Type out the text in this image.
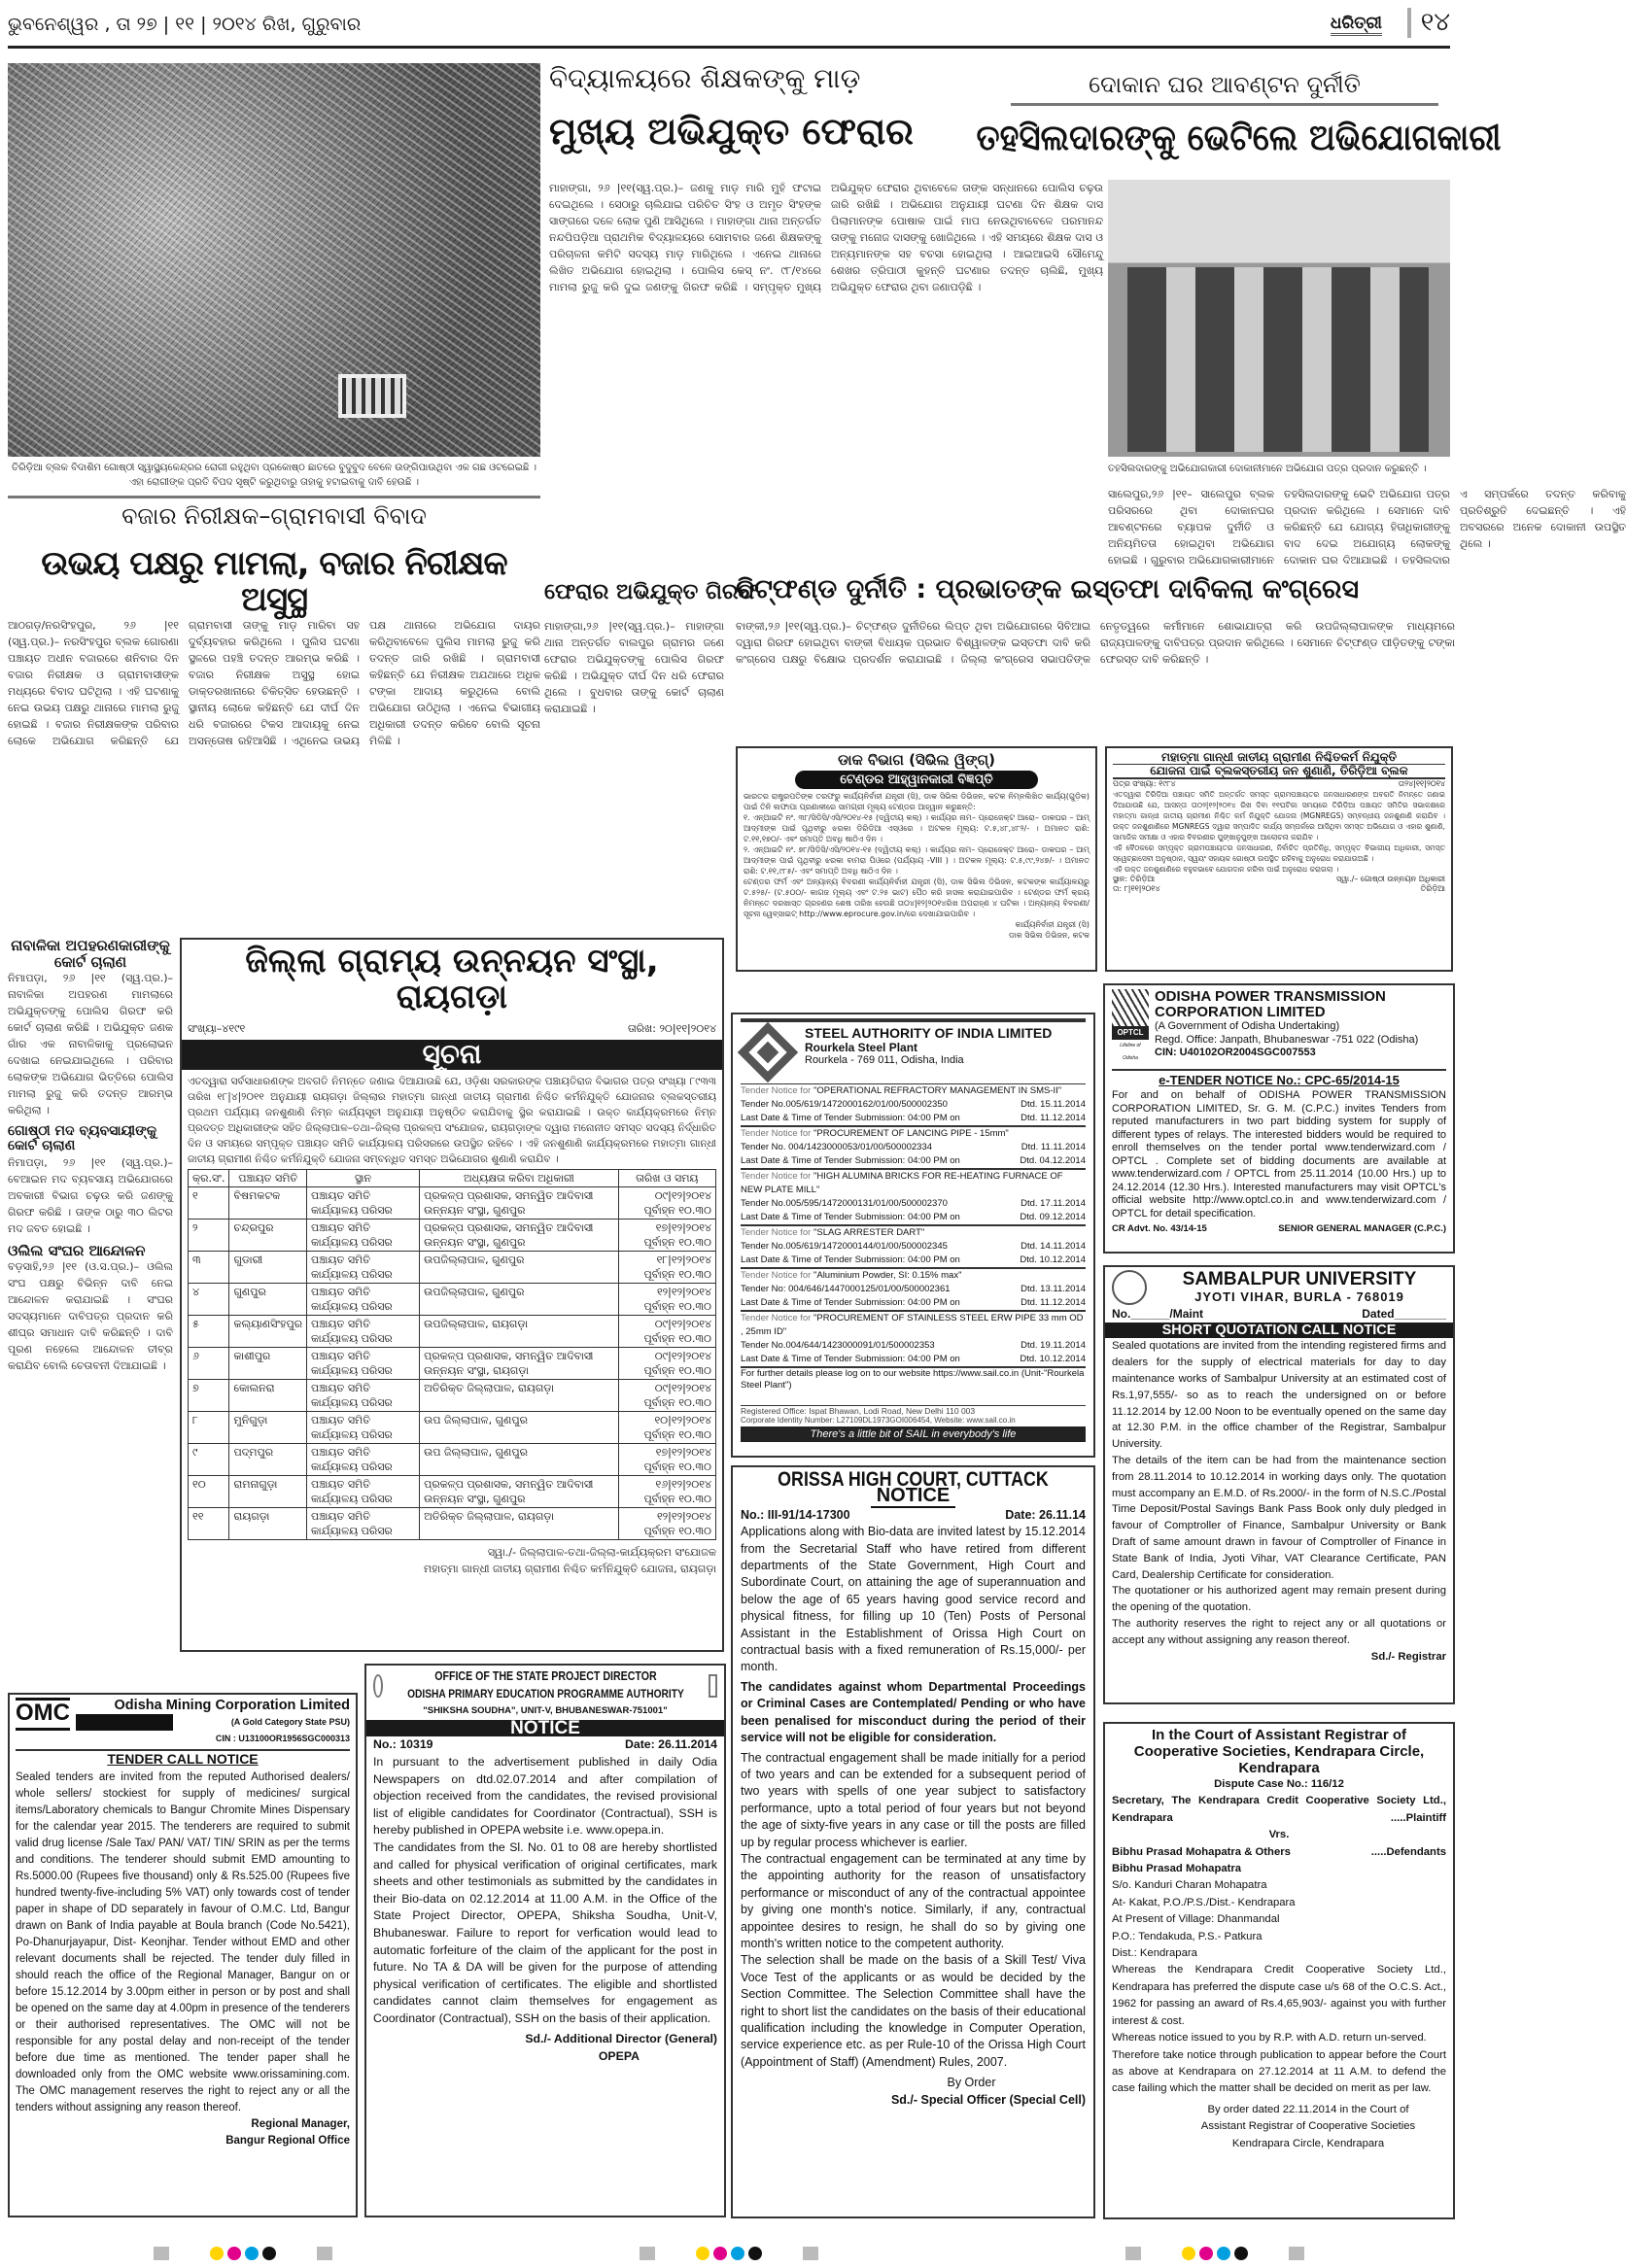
ଭୁବନେଶ୍ୱର , ତା ୨୭ | ୧୧ | ୨୦୧୪ ରିଖ, ଗୁରୁବାର	ଧରିତ୍ରୀ	୧୪
ତିରିଡ଼ିଆ ବ୍ଲକ ବିଦାଶିମ ଗୋଷ୍ଠୀ ସ୍ୱାସ୍ଥ୍ୟକେନ୍ଦ୍ରର ରୋଗୀ ରହୁଥିବା ପ୍ରକୋଷ୍ଠ ଛାତରେ ବୁଦୁବୁଦ ବେଳେ ଉଙ୍ଗିପାଉଥିବା ଏକ ଗଛ ଓଟରେଇଛି । ଏହା ରୋଗୀଙ୍କ ପ୍ରତି ବିପଦ ସୃଷ୍ଟି କରୁଥିବାରୁ ତାହାକୁ ହଟାଇବାକୁ ଦାବି ହେଉଛି ।
ବଜାର ନିରୀକ୍ଷକ–ଗ୍ରାମବାସୀ ବିବାଦ
ଉଭୟ ପକ୍ଷରୁ ମାମଲା, ବଜାର ନିରୀକ୍ଷକ ଅସୁସ୍ଥ
ଆଠଗଡ଼/ନରସିଂହପୁର, ୨୬ |୧୧ (ସ୍ୱ.ପ୍ର.)– ନରସିଂହପୁର ବ୍ଲକ ଗୋରଣା ପଞ୍ଚାୟତ ଅଧୀନ ବଜାରରେ ଶନିବାର ଦିନ ବଜାର ନିରୀକ୍ଷକ ଓ ଗ୍ରାମବାସୀଙ୍କ ମଧ୍ୟରେ ବିବାଦ ଘଟିଥିଲା । ଏହି ଘଟଣାକୁ ନେଇ ଉଭୟ ପକ୍ଷରୁ ଥାନାରେ ମାମଲା ରୁଜୁ ହୋଇଛି । ବଜାର ନିରୀକ୍ଷକଙ୍କ ପରିବାର ଲୋକେ ଅଭିଯୋଗ କରିଛନ୍ତି ଯେ ଗ୍ରାମବାସୀ ତାଙ୍କୁ ମାଡ଼ ମାରିବା ସହ ଦୁର୍ବ୍ୟବହାର କରିଥିଲେ । ପୁଲିସ ଘଟଣା ସ୍ଥଳରେ ପହଞ୍ଚି ତଦନ୍ତ ଆରମ୍ଭ କରିଛି । ବଜାର ନିରୀକ୍ଷକ ଅସୁସ୍ଥ ହୋଇ ଡାକ୍ତରଖାନାରେ ଚିକିତ୍ସିତ ହେଉଛନ୍ତି । ସ୍ଥାନୀୟ ଲୋକେ କହିଛନ୍ତି ଯେ ଦୀର୍ଘ ଦିନ ଧରି ବଜାରରେ ଟିକସ ଆଦାୟକୁ ନେଇ ଅସନ୍ତୋଷ ରହିଆସିଛି । ଏଥିନେଇ ଉଭୟ ପକ୍ଷ ଥାନାରେ ଅଭିଯୋଗ ଦାୟର କରିଥିବାବେଳେ ପୁଲିସ ମାମଲା ରୁଜୁ କରି ତଦନ୍ତ ଜାରି ରଖିଛି । ଗ୍ରାମବାସୀ କହିଛନ୍ତି ଯେ ନିରୀକ୍ଷକ ଅଯଥାରେ ଅଧିକ ଟଙ୍କା ଆଦାୟ କରୁଥିଲେ ବୋଲି ଅଭିଯୋଗ ଉଠିଥିଲା । ଏନେଇ ବିଭାଗୀୟ ଅଧିକାରୀ ତଦନ୍ତ କରିବେ ବୋଲି ସୂଚନା ମିଳିଛି ।
ବିଦ୍ୟାଳୟରେ ଶିକ୍ଷକଙ୍କୁ ମାଡ଼
ମୁଖ୍ୟ ଅଭିଯୁକ୍ତ ଫେରାର
ମାହାଙ୍ଗା, ୨୬ |୧୧(ସ୍ୱ.ପ୍ର.)– ଜଣକୁ ମାଡ଼ ମାରି ମୁହଁ ଫଟାଇ ଦେଇଥିଲେ । ସେଠାରୁ ଚାଲିଯାଇ ପରିଚିତ ସିଂହ ଓ ଅମୃତ ସିଂହଙ୍କ ସାଙ୍ଗରେ ଦଳେ ଲୋକ ପୁଣି ଆସିଥିଲେ । ମାହାଙ୍ଗା ଥାନା ଅନ୍ତର୍ଗତ ନନ୍ଦପିପଡ଼ିଆ ପ୍ରାଥମିକ ବିଦ୍ୟାଳୟରେ ସୋମବାର ଜଣେ ଶିକ୍ଷକଙ୍କୁ ପରିଚାଳନା କମିଟି ସଦସ୍ୟ ମାଡ଼ ମାରିଥିଲେ । ଏନେଇ ଥାନାରେ ଲିଖିତ ଅଭିଯୋଗ ହୋଇଥିଲା । ପୋଲିସ କେସ୍ ନଂ. ୯୮/୧୪ରେ ମାମଲା ରୁଜୁ କରି ଦୁଇ ଜଣଙ୍କୁ ଗିରଫ କରିଛି । ସମ୍ପୃକ୍ତ ମୁଖ୍ୟ ଅଭିଯୁକ୍ତ ଫେରାର ଥିବାବେଳେ ତାଙ୍କ ସନ୍ଧାନରେ ପୋଲିସ ଚଢ଼ଉ ଜାରି ରଖିଛି । ଅଭିଯୋଗ ଅନୁଯାୟୀ ଘଟଣା ଦିନ ଶିକ୍ଷକ ଦାସ ପିଲାମାନଙ୍କ ପୋଷାକ ପାଇଁ ମାପ ନେଉଥିବାବେଳେ ପରମାନନ୍ଦ ତାଙ୍କୁ ମନୋଜ ଦାସଙ୍କୁ ଖୋଜିଥିଲେ । ଏହି ସମୟରେ ଶିକ୍ଷକ ଦାସ ଓ ଅନ୍ୟମାନଙ୍କ ସହ ବଚସା ହୋଇଥିଲା । ଆଇଆଇସି ସୌମେନ୍ଦୁ ଶେଖର ତ୍ରିପାଠୀ କୁହନ୍ତି ଘଟଣାର ତଦନ୍ତ ଚାଲିଛି, ମୁଖ୍ୟ ଅଭିଯୁକ୍ତ ଫେରାର ଥିବା ଜଣାପଡ଼ିଛି ।
ଦୋକାନ ଘର ଆବଣ୍ଟନ ଦୁର୍ନୀତି
ତହସିଲଦାରଙ୍କୁ ଭେଟିଲେ ଅଭିଯୋଗକାରୀ
ତହସିଲଦାରଙ୍କୁ ଅଭିଯୋଗକାରୀ ଦୋକାନୀମାନେ ଅଭିଯୋଗ ପତ୍ର ପ୍ରଦାନ କରୁଛନ୍ତି ।
ସାଲେପୁର,୨୬ |୧୧– ସାଲେପୁର ବ୍ଲକ ପରିସରରେ ଥିବା ଦୋକାନଘର ଆବଣ୍ଟନରେ ବ୍ୟାପକ ଦୁର୍ନୀତି ଓ ଅନିୟମିତତା ହୋଇଥିବା ଅଭିଯୋଗ ହୋଇଛି । ଗୁରୁବାର ଅଭିଯୋଗକାରୀମାନେ ତହସିଲଦାରଙ୍କୁ ଭେଟି ଅଭିଯୋଗ ପତ୍ର ପ୍ରଦାନ କରିଥିଲେ । ସେମାନେ ଦାବି କରିଛନ୍ତି ଯେ ଯୋଗ୍ୟ ହିତାଧିକାରୀଙ୍କୁ ବାଦ ଦେଇ ଅଯୋଗ୍ୟ ଲୋକଙ୍କୁ ଦୋକାନ ଘର ଦିଆଯାଇଛି । ତହସିଲଦାର ଏ ସମ୍ପର୍କରେ ତଦନ୍ତ କରିବାକୁ ପ୍ରତିଶ୍ରୁତି ଦେଇଛନ୍ତି । ଏହି ଅବସରରେ ଅନେକ ଦୋକାନୀ ଉପସ୍ଥିତ ଥିଲେ ।
ଫେରାର ଅଭିଯୁକ୍ତ ଗିରଫ
ମାହାଙ୍ଗା,୨୬ |୧୧(ସ୍ୱ.ପ୍ର.)– ମାହାଙ୍ଗା ଥାନା ଅନ୍ତର୍ଗତ ବାଲପୁର ଗ୍ରାମର ଜଣେ ଫେରାର ଅଭିଯୁକ୍ତଙ୍କୁ ପୋଲିସ ଗିରଫ କରିଛି । ଅଭିଯୁକ୍ତ ଦୀର୍ଘ ଦିନ ଧରି ଫେରାର ଥିଲେ । ବୁଧବାର ତାଙ୍କୁ କୋର୍ଟ ଚାଲାଣ କରାଯାଇଛି ।
ଚିଟ୍‌ଫଣ୍ଡ ଦୁର୍ନୀତି : ପ୍ରଭାତଙ୍କ ଇସ୍ତଫା ଦାବିକଲା କଂଗ୍ରେସ
ବାଙ୍କୀ,୨୬ |୧୧(ସ୍ୱ.ପ୍ର.)– ଚିଟ୍‌ଫଣ୍ଡ ଦୁର୍ନୀତିରେ ଲିପ୍ତ ଥିବା ଅଭିଯୋଗରେ ସିବିଆଇ ଦ୍ୱାରା ଗିରଫ ହୋଇଥିବା ବାଙ୍କୀ ବିଧାୟକ ପ୍ରଭାତ ବିଶ୍ୱାଳଙ୍କ ଇସ୍ତଫା ଦାବି କରି କଂଗ୍ରେସ ପକ୍ଷରୁ ବିକ୍ଷୋଭ ପ୍ରଦର୍ଶନ କରାଯାଇଛି । ଜିଲ୍ଲା କଂଗ୍ରେସ ସଭାପତିଙ୍କ ନେତୃତ୍ୱରେ କର୍ମୀମାନେ ଶୋଭାଯାତ୍ରା କରି ଉପଜିଲ୍ଲାପାଳଙ୍କ ମାଧ୍ୟମରେ ରାଜ୍ୟପାଳଙ୍କୁ ଦାବିପତ୍ର ପ୍ରଦାନ କରିଥିଲେ । ସେମାନେ ଚିଟ୍‌ଫଣ୍ଡ ପୀଡ଼ିତଙ୍କୁ ଟଙ୍କା ଫେରସ୍ତ ଦାବି କରିଛନ୍ତି ।
ଡାକ ବିଭାଗ (ସିଭିଲ ୱିଙ୍ଗ୍)
ଟେଣ୍ଡର ଆହ୍ୱାନକାରୀ ବିଜ୍ଞପ୍ତି
ଭାରତର ରାଷ୍ଟ୍ରପତିଙ୍କ ତରଫରୁ କାର୍ଯ୍ୟନିର୍ବାହୀ ଯନ୍ତ୍ରୀ (ସି), ଡାକ ସିଭିଲ ଡିଭିଜନ, କଟକ ନିମ୍ନଲିଖିତ କାର୍ଯ୍ୟ(ଗୁଡ଼ିକ) ପାଇଁ ତିନି ଲଫାପା ପ୍ରଣାଳୀରେ ସାମଗ୍ରୀ ମୂଲ୍ୟ ଟେଣ୍ଡର ଆହ୍ୱାନ କରୁଛନ୍ତି:
୧. ଏନ୍‌ଆଇଟି ନଂ. ୩୮/ସିଡିସି/ଏସି/୨୦୧୪-୧୫ (ଦ୍ୱିତୀୟ କଲ୍) । କାର୍ଯ୍ୟର ନାମ– ପ୍ରୋଜେକ୍ଟ ଆରୋ– ଡାକଘର – ଆମ୍ ଆଦ୍‌ମୀଙ୍କ ପାଇଁ ପୃଥିବୀରୁ ଝରକା ଡିରିଡିଆ ଏସ୍‌ଓରେ । ଅଟକଳ ମୂଲ୍ୟ: ଟ.୫,୪୮,୪୮୨/- । ଅମାନତ ରାଶି: ଟ.୧୧,୧୭୦/- ଏବଂ ସମାପ୍ତି ଅବଧି ଷାଠିଏ ଦିନ ।
୨. ଏନ୍‌ଆଇଟି ନଂ. ୭୮/ସିଡିସି/ଏସି/୨୦୧୪-୧୫ (ଦ୍ୱିତୀୟ କଲ୍) । କାର୍ଯ୍ୟର ନାମ– ପ୍ରୋଜେକ୍ଟ ଆରୋ– ଡାକଘର – ଆମ୍ ଆଦ୍‌ମୀଙ୍କ ପାଇଁ ପୃଥିବୀରୁ ଝରକା ବାମରା ପିଓରେ (ପର୍ଯ୍ୟାୟ -VIII ) । ଅଟକଳ ମୂଲ୍ୟ: ଟ.୫,୯୯,୨୪୭/- । ଅମାନତ ରାଶି: ଟ.୧୧,୯୮୫/- ଏବଂ ସମାପ୍ତି ଅବଧି ଷାଠିଏ ଦିନ ।
ଟେଣ୍ଡର ଫର୍ମ ଏବଂ ଅନ୍ୟାନ୍ୟ ବିବରଣୀ କାର୍ଯ୍ୟନିର୍ବାହୀ ଯନ୍ତ୍ରୀ (ସି), ଡାକ ସିଭିଲ ଡିଭିଜନ, କଟକଙ୍କ କାର୍ଯ୍ୟାଳୟରୁ ଟ.୫୨୫/- (ଟ.୫୦୦/- କାଗଜ ମୂଲ୍ୟ ଏବଂ ଟ.୨୫ ଭାଟ) ପୈଠ କରି ହାସଲ କରାଯାଇପାରିବ । ଟେଣ୍ଡର ଫର୍ମ କ୍ରୟ ନିମନ୍ତେ ଦରଖାସ୍ତ ଗ୍ରହଣର ଶେଷ ତାରିଖ ହେଉଛି ତା୦୪|୧୨|୨୦୧୪ରିଖ ଅପରାହ୍ଣ ୪ ଘଟିକା । ଅନ୍ୟାନ୍ୟ ବିବରଣୀ/ସୂଚନା ୱେବ୍‌ସାଇଟ୍ http://www.eprocure.gov.in/ରେ ଦେଖାଯାଇପାରିବ ।
କାର୍ଯ୍ୟନିର୍ବାହୀ ଯନ୍ତ୍ରୀ (ସି)
ଡାକ ସିଭିଲ ଡିଭିଜନ, କଟକ
ମହାତ୍ମା ଗାନ୍ଧୀ ଜାତୀୟ ଗ୍ରାମୀଣ ନିଶ୍ଚିତକର୍ମ ନିଯୁକ୍ତି
ଯୋଜନା ପାଇଁ ବ୍ଲକସ୍ତରୀୟ ଜନ ଶୁଣାଣି, ତିରିଡ଼ିଆ ବ୍ଲକ
ପତ୍ର ସଂଖ୍ୟା: ୧୯୮୪	ତା୨୪|୧୧|୨୦୧୪
ଏତଦ୍ୱାରା ତିରିଡ଼ିଆ ପଞ୍ଚାୟତ ସମିତି ଅନ୍ତର୍ଗତ ସମସ୍ତ ଗ୍ରାମପଞ୍ଚାୟତର ଜନସାଧାରଣଙ୍କ ଅବଗତି ନିମନ୍ତେ ଜଣାଇ ଦିଆଯାଉଛି ଯେ, ଆସନ୍ତା ତା୦୨|୧୨|୨୦୧୪ ରିଖ ଦିବା ୧୧ଘଟିକା ସମୟରେ ତିରିଡ଼ିଆ ପଞ୍ଚାୟତ ସମିତିର ସଭାକକ୍ଷରେ ମହାତ୍ମା ଗାନ୍ଧୀ ଜାତୀୟ ଗ୍ରାମୀଣ ନିଶ୍ଚିତ କର୍ମ ନିଯୁକ୍ତି ଯୋଜନା (MGNREGS) ସମ୍ବନ୍ଧୀୟ ଜନଶୁଣାଣି କରାଯିବ । ଉକ୍ତ ଜନଶୁଣାଣିରେ MGNREGS ଦ୍ୱାରା ସମ୍ପାଦିତ କାର୍ଯ୍ୟ ସମ୍ପର୍କରେ ଆସିଥିବା ସମସ୍ତ ଅଭିଯୋଗ ଓ ଏହାର ଶୁଣାଣି, ସାମାଜିକ ସମୀକ୍ଷା ଓ ଏହାର ବିବରଣୀର ପୁଙ୍ଖାନୁପୁଙ୍ଖ ଆଲୋଚନା କରାଯିବ ।
ଏହି ବୈଠକରେ ସମ୍ପୃକ୍ତ ଗ୍ରାମପଞ୍ଚାୟତର ଜନସାଧାରଣ, ନିର୍ବାଚିତ ପ୍ରତିନିଧି, ସମ୍ପୃକ୍ତ ବିଭାଗୀୟ ଅଧିକାରୀ, ସମସ୍ତ ସ୍ୱେଚ୍ଛାସେବୀ ଅନୁଷ୍ଠାନ, ସ୍ୱୟଂ ସହାୟକ ଗୋଷ୍ଠୀ ଉପସ୍ଥିତ ରହିବାକୁ ଅନୁରୋଧ କରାଯାଉଅଛି ।
ଏହି ଉକ୍ତ ଜନଶୁଣାଣିରେ ବହୁଳଭାବେ ଯୋଗଦାନ କରିବା ପାଇଁ ଅନୁରୋଧ କରାଗଲା ।
ସ୍ଥାନ: ତିରିଡ଼ିଆ	ସ୍ୱା./– ଗୋଷ୍ଠୀ ଉନ୍ନୟନ ଅଧିକାରୀ
ତା: ୮|୧୧|୨୦୧୪	ତିରିଡ଼ିଆ
ନାବାଳିକା ଅପହରଣକାରୀଙ୍କୁ କୋର୍ଟ ଚାଲାଣ
ନିମାପଡ଼ା, ୨୬ |୧୧ (ସ୍ୱ.ପ୍ର.)– ନାବାଳିକା ଅପହରଣ ମାମଲାରେ ଅଭିଯୁକ୍ତଙ୍କୁ ପୋଲିସ ଗିରଫ କରି କୋର୍ଟ ଚାଲାଣ କରିଛି । ଅଭିଯୁକ୍ତ ଜଣକ ଗାଁର ଏକ ନାବାଳିକାକୁ ପ୍ରଲୋଭନ ଦେଖାଇ ନେଇଯାଇଥିଲେ । ପରିବାର ଲୋକଙ୍କ ଅଭିଯୋଗ ଭିତ୍ତିରେ ପୋଲିସ ମାମଲା ରୁଜୁ କରି ତଦନ୍ତ ଆରମ୍ଭ କରିଥିଲା ।
ଗୋଷ୍ଠୀ ମଦ ବ୍ୟବସାୟୀଙ୍କୁ କୋର୍ଟ ଚାଲାଣ
ନିମାପଡ଼ା, ୨୬ |୧୧ (ସ୍ୱ.ପ୍ର.)– ବେଆଇନ ମଦ ବ୍ୟବସାୟ ଅଭିଯୋଗରେ ଅବକାରୀ ବିଭାଗ ଚଢ଼ଉ କରି ଜଣଙ୍କୁ ଗିରଫ କରିଛି । ତାଙ୍କ ଠାରୁ ୩୦ ଲିଟର ମଦ ଜବତ ହୋଇଛି ।
ଓଲିଲ ସଂଘର ଆନ୍ଦୋଳନ
ବଡ଼ସାହି,୨୬ |୧୧ (ଓ.ସ.ପ୍ର.)– ଓଲିଲ ସଂଘ ପକ୍ଷରୁ ବିଭିନ୍ନ ଦାବି ନେଇ ଆନ୍ଦୋଳନ କରାଯାଇଛି । ସଂଘର ସଦସ୍ୟମାନେ ଦାବିପତ୍ର ପ୍ରଦାନ କରି ଶୀଘ୍ର ସମାଧାନ ଦାବି କରିଛନ୍ତି । ଦାବି ପୂରଣ ନହେଲେ ଆନ୍ଦୋଳନ ତୀବ୍ର କରାଯିବ ବୋଲି ଚେତାବନୀ ଦିଆଯାଇଛି ।
ଜିଲ୍ଲା ଗ୍ରାମ୍ୟ ଉନ୍ନୟନ ସଂସ୍ଥା, ରାୟଗଡ଼ା
ସଂଖ୍ୟା–୪୧୯୧	ତାରିଖ: ୨୦|୧୧|୨୦୧୪
ସୂଚନା
ଏତଦ୍ୱାରା ସର୍ବସାଧାରଣଙ୍କ ଅବଗତି ନିମନ୍ତେ ଜଣାଇ ଦିଆଯାଉଛି ଯେ, ଓଡ଼ିଶା ସରକାରଙ୍କ ପଞ୍ଚାୟତିରାଜ ବିଭାଗର ପତ୍ର ସଂଖ୍ୟା ୮୯୩୩ ତାରିଖ ୧୮|୪|୨୦୧୧ ଅନୁଯାୟୀ ରାୟଗଡ଼ା ଜିଲ୍ଲାର ମହାତ୍ମା ଗାନ୍ଧୀ ଜାତୀୟ ଗ୍ରାମୀଣ ନିଶ୍ଚିତ କର୍ମନିଯୁକ୍ତି ଯୋଜନାର ବ୍ଲକସ୍ତରୀୟ ପ୍ରଥମ ପର୍ଯ୍ୟାୟ ଜନଶୁଣାଣି ନିମ୍ନ କାର୍ଯ୍ୟସୂଚୀ ଅନୁଯାୟୀ ଅନୁଷ୍ଠିତ କରାଯିବାକୁ ସ୍ଥିର କରାଯାଇଛି । ଉକ୍ତ କାର୍ଯ୍ୟକ୍ରମରେ ନିମ୍ନ ପ୍ରଦତ୍ତ ଅଧିକାରୀଙ୍କ ସହିତ ଜିଲ୍ଲାପାଳ–ତଥା–ଜିଲ୍ଲା ପ୍ରକଳ୍ପ ସଂଯୋଜକ, ରାୟଗଡ଼ାଙ୍କ ଦ୍ୱାରା ମନୋନୀତ ସମସ୍ତ ସଦସ୍ୟ ନିର୍ଦ୍ଧାରିତ ଦିନ ଓ ସମୟରେ ସମ୍ପୃକ୍ତ ପଞ୍ଚାୟତ ସମିତି କାର୍ଯ୍ୟାଳୟ ପରିସରରେ ଉପସ୍ଥିତ ରହିବେ । ଏହି ଜନଶୁଣାଣି କାର୍ଯ୍ୟକ୍ରମରେ ମହାତ୍ମା ଗାନ୍ଧୀ ଜାତୀୟ ଗ୍ରାମୀଣ ନିଶ୍ଚିତ କର୍ମନିଯୁକ୍ତି ଯୋଜନା ସମ୍ବନ୍ଧିତ ସମସ୍ତ ଅଭିଯୋଗର ଶୁଣାଣି କରାଯିବ ।
କ୍ର.ସଂ.	ପଞ୍ଚାୟତ ସମିତି	ସ୍ଥାନ	ଅଧ୍ୟକ୍ଷତା କରିବା ଅଧିକାରୀ	ତାରିଖ ଓ ସମୟ
୧	ବିଷମକଟକ	ପଞ୍ଚାୟତ ସମିତି କାର୍ଯ୍ୟାଳୟ ପରିସର	ପ୍ରକଳ୍ପ ପ୍ରଶାସକ, ସମନ୍ୱିତ ଆଦିବାସୀ ଉନ୍ନୟନ ସଂସ୍ଥା, ଗୁଣପୁର	୦୯|୧୨|୨୦୧୪ ପୂର୍ବାହ୍ନ ୧୦.୩୦
୨	ଚନ୍ଦ୍ରପୁର	ପଞ୍ଚାୟତ ସମିତି କାର୍ଯ୍ୟାଳୟ ପରିସର	ପ୍ରକଳ୍ପ ପ୍ରଶାସକ, ସମନ୍ୱିତ ଆଦିବାସୀ ଉନ୍ନୟନ ସଂସ୍ଥା, ଗୁଣପୁର	୧୭|୧୨|୨୦୧୪ ପୂର୍ବାହ୍ନ ୧୦.୩୦
୩	ଗୁଡାରୀ	ପଞ୍ଚାୟତ ସମିତି କାର୍ଯ୍ୟାଳୟ ପରିସର	ଉପଜିଲ୍ଲାପାଳ, ଗୁଣପୁର	୧୮|୧୨|୨୦୧୪ ପୂର୍ବାହ୍ନ ୧୦.୩୦
୪	ଗୁଣପୁର	ପଞ୍ଚାୟତ ସମିତି କାର୍ଯ୍ୟାଳୟ ପରିସର	ଉପଜିଲ୍ଲାପାଳ, ଗୁଣପୁର	୧୨|୧୨|୨୦୧୪ ପୂର୍ବାହ୍ନ ୧୦.୩୦
୫	କଲ୍ୟାଣସିଂହପୁର	ପଞ୍ଚାୟତ ସମିତି କାର୍ଯ୍ୟାଳୟ ପରିସର	ଉପଜିଲ୍ଲାପାଳ, ରାୟଗଡ଼ା	୦୯|୧୨|୨୦୧୪ ପୂର୍ବାହ୍ନ ୧୦.୩୦
୬	କାଶୀପୁର	ପଞ୍ଚାୟତ ସମିତି କାର୍ଯ୍ୟାଳୟ ପରିସର	ପ୍ରକଳ୍ପ ପ୍ରଶାସକ, ସମନ୍ୱିତ ଆଦିବାସୀ ଉନ୍ନୟନ ସଂସ୍ଥା, ରାୟଗଡ଼ା	୦୯|୧୨|୨୦୧୪ ପୂର୍ବାହ୍ନ ୧୦.୩୦
୭	କୋଲନରା	ପଞ୍ଚାୟତ ସମିତି କାର୍ଯ୍ୟାଳୟ ପରିସର	ଅତିରିକ୍ତ ଜିଲ୍ଲାପାଳ, ରାୟଗଡ଼ା	୦୯|୧୨|୨୦୧୪ ପୂର୍ବାହ୍ନ ୧୦.୩୦
୮	ମୁନିଗୁଡ଼ା	ପଞ୍ଚାୟତ ସମିତି କାର୍ଯ୍ୟାଳୟ ପରିସର	ଉପ ଜିଲ୍ଲାପାଳ, ଗୁଣପୁର	୧୦|୧୨|୨୦୧୪ ପୂର୍ବାହ୍ନ ୧୦.୩୦
୯	ପଦ୍ମପୁର	ପଞ୍ଚାୟତ ସମିତି କାର୍ଯ୍ୟାଳୟ ପରିସର	ଉପ ଜିଲ୍ଲାପାଳ, ଗୁଣପୁର	୧୭|୧୨|୨୦୧୪ ପୂର୍ବାହ୍ନ ୧୦.୩୦
୧୦	ରାମନାଗୁଡ଼ା	ପଞ୍ଚାୟତ ସମିତି କାର୍ଯ୍ୟାଳୟ ପରିସର	ପ୍ରକଳ୍ପ ପ୍ରଶାସକ, ସମନ୍ୱିତ ଆଦିବାସୀ ଉନ୍ନୟନ ସଂସ୍ଥା, ଗୁଣପୁର	୧୬|୧୨|୨୦୧୪ ପୂର୍ବାହ୍ନ ୧୦.୩୦
୧୧	ରାୟଗଡ଼ା	ପଞ୍ଚାୟତ ସମିତି କାର୍ଯ୍ୟାଳୟ ପରିସର	ଅତିରିକ୍ତ ଜିଲ୍ଲାପାଳ, ରାୟଗଡ଼ା	୧୨|୧୨|୨୦୧୪ ପୂର୍ବାହ୍ନ ୧୦.୩୦
ସ୍ୱା./- ଜିଲ୍ଲାପାଳ-ତଥା-ଜିଲ୍ଲା-କାର୍ଯ୍ୟକ୍ରମ ସଂଯୋଜକ
ମହାତ୍ମା ଗାନ୍ଧୀ ଜାତୀୟ ଗ୍ରାମୀଣ ନିଶ୍ଚିତ କର୍ମନିଯୁକ୍ତି ଯୋଜନା, ରାୟଗଡ଼ା
STEEL AUTHORITY OF INDIA LIMITED
Rourkela Steel Plant
Rourkela - 769 011, Odisha, India
Tender Notice for "OPERATIONAL REFRACTORY MANAGEMENT IN SMS-II"
Tender No.005/619/1472000162/01/00/500002350	Dtd. 15.11.2014
Last Date & Time of Tender Submission: 04:00 PM on	Dtd. 11.12.2014
Tender Notice for "PROCUREMENT OF LANCING PIPE - 15mm"
Tender No. 004/1423000053/01/00/500002334	Dtd. 11.11.2014
Last Date & Time of Tender Submission: 04:00 PM on	Dtd. 04.12.2014
Tender Notice for "HIGH ALUMINA BRICKS FOR RE-HEATING FURNACE OF NEW PLATE MILL"
Tender No.005/595/1472000131/01/00/500002370	Dtd. 17.11.2014
Last Date & Time of Tender Submission: 04:00 PM on	Dtd. 09.12.2014
Tender Notice for "SLAG ARRESTER DART"
Tender No.005/619/1472000144/01/00/500002345	Dtd. 14.11.2014
Last Date & Time of Tender Submission: 04:00 PM on	Dtd. 10.12.2014
Tender Notice for "Aluminium Powder, SI: 0.15% max"
Tender No: 004/646/1447000125/01/00/500002361	Dtd. 13.11.2014
Last Date & Time of Tender Submission: 04:00 PM on	Dtd. 11.12.2014
Tender Notice for "PROCUREMENT OF STAINLESS STEEL ERW PIPE 33 mm OD , 25mm ID"
Tender No.004/644/1423000091/01/500002353	Dtd. 19.11.2014
Last Date & Time of Tender Submission: 04:00 PM on	Dtd. 10.12.2014
For further details please log on to our website https://www.sail.co.in (Unit-"Rourkela Steel Plant")
Registered Office: Ispat Bhawan, Lodi Road, New Delhi 110 003
Corporate Identity Number: L27109DL1973GOI006454, Website: www.sail.co.in
There's a little bit of SAIL in everybody's life
ORISSA HIGH COURT, CUTTACK
NOTICE
No.: III-91/14-17300	Date: 26.11.14

Applications along with Bio-data are invited latest by 15.12.2014 from the Secretarial Staff who have retired from different departments of the State Government, High Court and Subordinate Court, on attaining the age of superannuation and below the age of 65 years having good service record and physical fitness, for filling up 10 (Ten) Posts of Personal Assistant in the Establishment of Orissa High Court on contractual basis with a fixed remuneration of Rs.15,000/- per month.

The candidates against whom Departmental Proceedings or Criminal Cases are Contemplated/ Pending or who have been penalised for misconduct during the period of their service will not be eligible for consideration.

The contractual engagement shall be made initially for a period of two years and can be extended for a subsequent period of two years with spells of one year subject to satisfactory performance, upto a total period of four years but not beyond the age of sixty-five years in any case or till the posts are filled up by regular process whichever is earlier.

The contractual engagement can be terminated at any time by the appointing authority for the reason of unsatisfactory performance or misconduct of any of the contractual appointee by giving one month's notice. Similarly, if any, contractual appointee desires to resign, he shall do so by giving one month's written notice to the competent authority.

The selection shall be made on the basis of a Skill Test/ Viva Voce Test of the applicants or as would be decided by the Section Committee. The Selection Committee shall have the right to short list the candidates on the basis of their educational qualification including the knowledge in Computer Operation, service experience etc. as per Rule-10 of the Orissa High Court (Appointment of Staff) (Amendment) Rules, 2007.

By Order
Sd./- Special Officer (Special Cell)
OPTCL
Lifeline of Odisha
ODISHA POWER TRANSMISSION CORPORATION LIMITED
(A Government of Odisha Undertaking)
Regd. Office: Janpath, Bhubaneswar -751 022 (Odisha)
CIN: U40102OR2004SGC007553
e-TENDER NOTICE No.: CPC-65/2014-15
For and on behalf of ODISHA POWER TRANSMISSION CORPORATION LIMITED, Sr. G. M. (C.P.C.) invites Tenders from reputed manufacturers in two part bidding system for supply of different types of relays. The interested bidders would be required to enroll themselves on the tender portal www.tenderwizard.com / OPTCL . Complete set of bidding documents are available at www.tenderwizard.com / OPTCL from 25.11.2014 (10.00 Hrs.) up to 24.12.2014 (12.30 Hrs.). Interested manufacturers may visit OPTCL's official website http://www.optcl.co.in and www.tenderwizard.com / OPTCL for detail specification.
CR Advt. No. 43/14-15	SENIOR GENERAL MANAGER (C.P.C.)
SAMBALPUR UNIVERSITY
JYOTI VIHAR, BURLA - 768019
No.______/Maint	Dated________
SHORT QUOTATION CALL NOTICE

Sealed quotations are invited from the intending registered firms and dealers for the supply of electrical materials for day to day maintenance works of Sambalpur University at an estimated cost of Rs.1,97,555/- so as to reach the undersigned on or before 11.12.2014 by 12.00 Noon to be eventually opened on the same day at 12.30 P.M. in the office chamber of the Registrar, Sambalpur University.

The details of the item can be had from the maintenance section from 28.11.2014 to 10.12.2014 in working days only. The quotation must accompany an E.M.D. of Rs.2000/- in the form of N.S.C./Postal Time Deposit/Postal Savings Bank Pass Book only duly pledged in favour of Comptroller of Finance, Sambalpur University or Bank Draft of same amount drawn in favour of Comptroller of Finance in State Bank of India, Jyoti Vihar, VAT Clearance Certificate, PAN Card, Dealership Certificate for consideration.

The quotationer or his authorized agent may remain present during the opening of the quotation.

The authority reserves the right to reject any or all quotations or accept any without assigning any reason thereof.

Sd./- Registrar
In the Court of Assistant Registrar of Cooperative Societies, Kendrapara Circle, Kendrapara
Dispute Case No.: 116/12
Secretary, The Kendrapara Credit Cooperative Society Ltd., Kendrapara	.....Plaintiff
Vrs.
Bibhu Prasad Mohapatra & Others	.....Defendants
Bibhu Prasad Mohapatra
S/o. Kanduri Charan Mohapatra
At- Kakat, P.O./P.S./Dist.- Kendrapara
At Present of Village: Dhanmandal
P.O.: Tendakuda, P.S.- Patkura
Dist.: Kendrapara

Whereas the Kendrapara Credit Cooperative Society Ltd., Kendrapara has preferred the dispute case u/s 68 of the O.C.S. Act., 1962 for passing an award of Rs.4,65,903/- against you with further interest & cost.

Whereas notice issued to you by R.P. with A.D. return un-served.

Therefore take notice through publication to appear before the Court as above at Kendrapara on 27.12.2014 at 11 A.M. to defend the case failing which the matter shall be decided on merit as per law.

By order dated 22.11.2014 in the Court of
Assistant Registrar of Cooperative Societies
Kendrapara Circle, Kendrapara
OMC	Odisha Mining Corporation Limited
(A Gold Category State PSU)
CIN : U13100OR1956SGC000313
TENDER CALL NOTICE
Sealed tenders are invited from the reputed Authorised dealers/ whole sellers/ stockiest for supply of medicines/ surgical items/Laboratory chemicals to Bangur Chromite Mines Dispensary for the calendar year 2015. The tenderers are required to submit valid drug license /Sale Tax/ PAN/ VAT/ TIN/ SRIN as per the terms and conditions. The tenderer should submit EMD amounting to Rs.5000.00 (Rupees five thousand) only & Rs.525.00 (Rupees five hundred twenty-five-including 5% VAT) only towards cost of tender paper in shape of DD separately in favour of O.M.C. Ltd, Bangur drawn on Bank of India payable at Boula branch (Code No.5421), Po-Dhanurjayapur, Dist- Keonjhar. Tender without EMD and other relevant documents shall be rejected. The tender duly filled in should reach the office of the Regional Manager, Bangur on or before 15.12.2014 by 3.00pm either in person or by post and shall be opened on the same day at 4.00pm in presence of the tenderers or their authorised representatives. The OMC will not be responsible for any postal delay and non-receipt of the tender before due time as mentioned. The tender paper shall he downloaded only from the OMC website www.orissamining.com. The OMC management reserves the right to reject any or all the tenders without assigning any reason thereof.
Regional Manager,
Bangur Regional Office
OFFICE OF THE STATE PROJECT DIRECTOR
ODISHA PRIMARY EDUCATION PROGRAMME AUTHORITY
"SHIKSHA SOUDHA", UNIT-V, BHUBANESWAR-751001"
NOTICE
No.: 10319	Date: 26.11.2014

In pursuant to the advertisement published in daily Odia Newspapers on dtd.02.07.2014 and after compilation of objection received from the candidates, the revised provisional list of eligible candidates for Coordinator (Contractual), SSH is hereby published in OPEPA website i.e. www.opepa.in.

The candidates from the Sl. No. 01 to 08 are hereby shortlisted and called for physical verification of original certificates, mark sheets and other testimonials as submitted by the candidates in their Bio-data on 02.12.2014 at 11.00 A.M. in the Office of the State Project Director, OPEPA, Shiksha Soudha, Unit-V, Bhubaneswar. Failure to report for verfication would lead to automatic forfeiture of the claim of the applicant for the post in future. No TA & DA will be given for the purpose of attending physical verification of certificates. The eligible and shortlisted candidates cannot claim themselves for engagement as Coordinator (Contractual), SSH on the basis of their application.

Sd./- Additional Director (General)
OPEPA
